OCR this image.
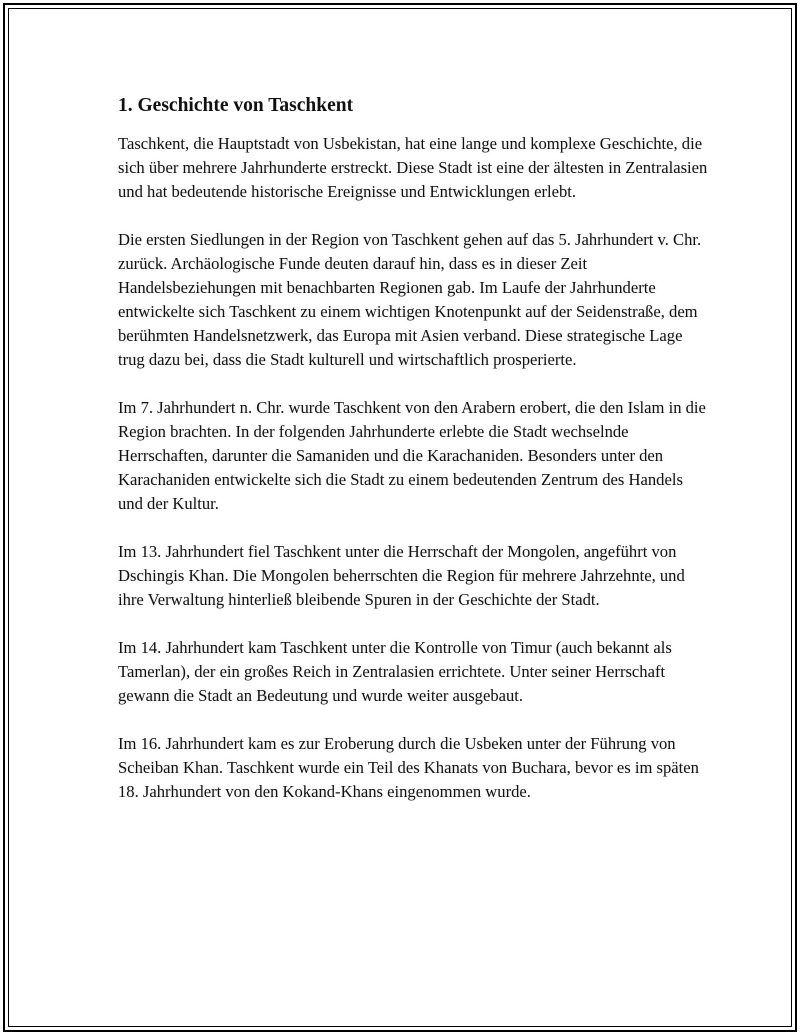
1. Geschichte von Taschkent

Taschkent, die Hauptstadt von Usbekistan, hat eine lange und komplexe Geschichte, die sich über mehrere Jahrhunderte erstreckt. Diese Stadt ist eine der ältesten in Zentralasien und hat bedeutende historische Ereignisse und Entwicklungen erlebt.

Die ersten Siedlungen in der Region von Taschkent gehen auf das 5. Jahrhundert v. Chr. zurück. Archäologische Funde deuten darauf hin, dass es in dieser Zeit Handelsbeziehungen mit benachbarten Regionen gab. Im Laufe der Jahrhunderte entwickelte sich Taschkent zu einem wichtigen Knotenpunkt auf der Seidenstraße, dem berühmten Handelsnetzwerk, das Europa mit Asien verband. Diese strategische Lage trug dazu bei, dass die Stadt kulturell und wirtschaftlich prosperierte.

Im 7. Jahrhundert n. Chr. wurde Taschkent von den Arabern erobert, die den Islam in die Region brachten. In der folgenden Jahrhunderte erlebte die Stadt wechselnde Herrschaften, darunter die Samaniden und die Karachaniden. Besonders unter den Karachaniden entwickelte sich die Stadt zu einem bedeutenden Zentrum des Handels und der Kultur.

Im 13. Jahrhundert fiel Taschkent unter die Herrschaft der Mongolen, angeführt von Dschingis Khan. Die Mongolen beherrschten die Region für mehrere Jahrzehnte, und ihre Verwaltung hinterließ bleibende Spuren in der Geschichte der Stadt.

Im 14. Jahrhundert kam Taschkent unter die Kontrolle von Timur (auch bekannt als Tamerlan), der ein großes Reich in Zentralasien errichtete. Unter seiner Herrschaft gewann die Stadt an Bedeutung und wurde weiter ausgebaut.

Im 16. Jahrhundert kam es zur Eroberung durch die Usbeken unter der Führung von Scheiban Khan. Taschkent wurde ein Teil des Khanats von Buchara, bevor es im späten 18. Jahrhundert von den Kokand-Khans eingenommen wurde.
